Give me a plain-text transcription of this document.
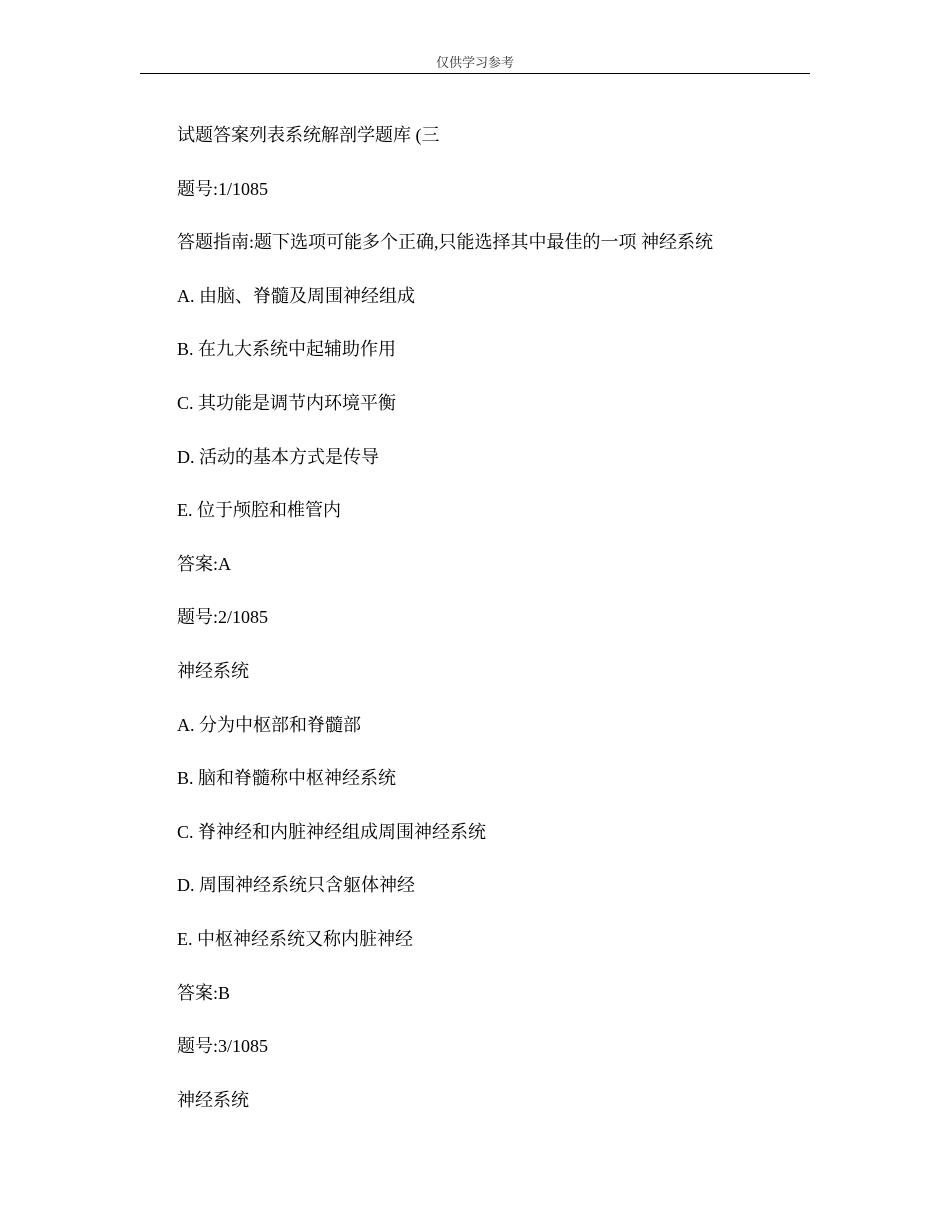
仅供学习参考
试题答案列表系统解剖学题库 (三
题号:1/1085
答题指南:题下选项可能多个正确,只能选择其中最佳的一项 神经系统
A. 由脑、脊髓及周围神经组成
B. 在九大系统中起辅助作用
C. 其功能是调节内环境平衡
D. 活动的基本方式是传导
E. 位于颅腔和椎管内
答案:A
题号:2/1085
神经系统
A. 分为中枢部和脊髓部
B. 脑和脊髓称中枢神经系统
C. 脊神经和内脏神经组成周围神经系统
D. 周围神经系统只含躯体神经
E. 中枢神经系统又称内脏神经
答案:B
题号:3/1085
神经系统
